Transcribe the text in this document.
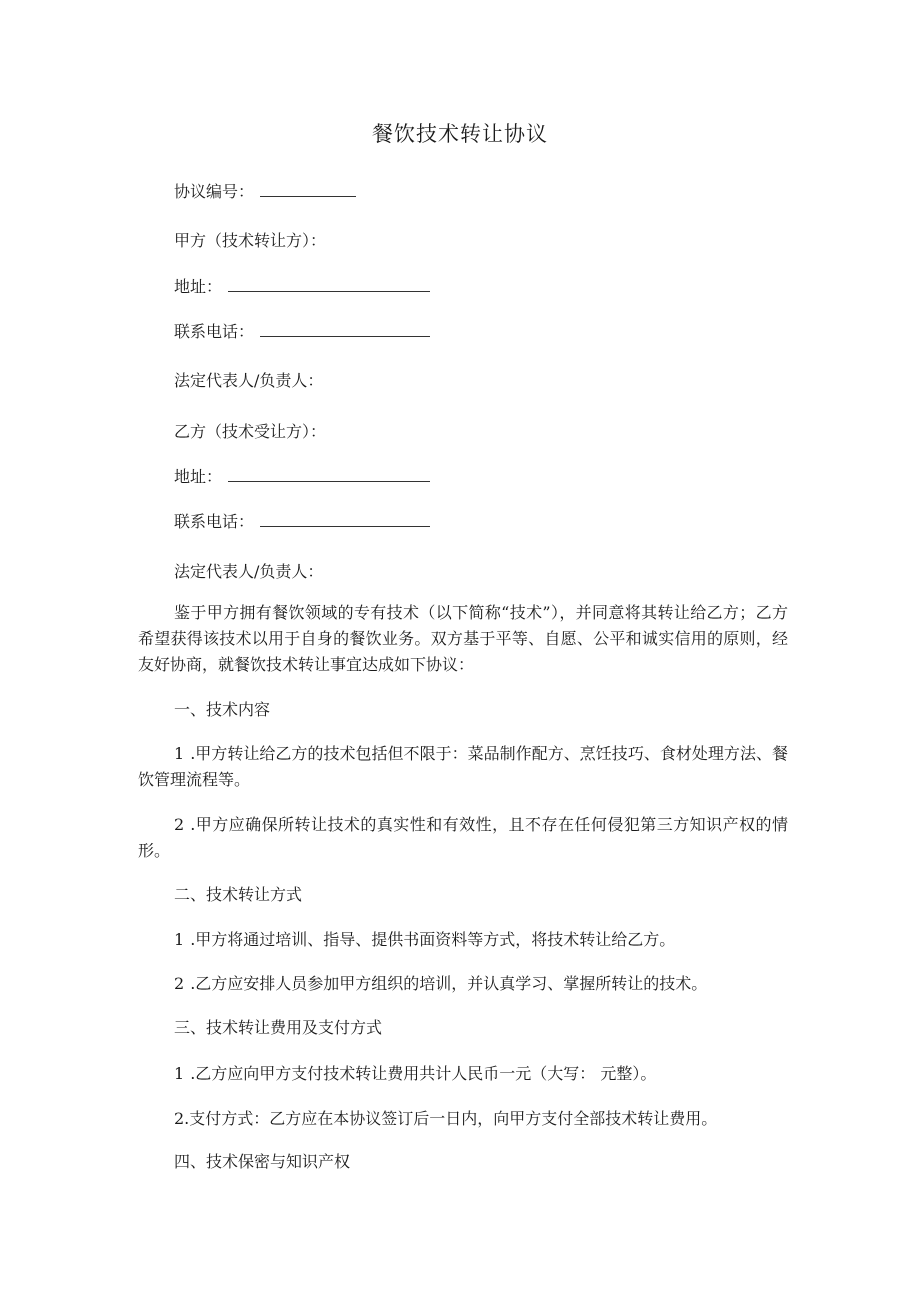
餐饮技术转让协议
协议编号：
甲方（技术转让方）：
地址：
联系电话：
法定代表人/负责人：
乙方（技术受让方）：
地址：
联系电话：
法定代表人/负责人：
鉴于甲方拥有餐饮领域的专有技术（以下简称“技术”），并同意将其转让给乙方；乙方希望获得该技术以用于自身的餐饮业务。双方基于平等、自愿、公平和诚实信用的原则，经友好协商，就餐饮技术转让事宜达成如下协议：
一、技术内容
1.甲方转让给乙方的技术包括但不限于：菜品制作配方、烹饪技巧、食材处理方法、餐饮管理流程等。
2.甲方应确保所转让技术的真实性和有效性，且不存在任何侵犯第三方知识产权的情形。
二、技术转让方式
1.甲方将通过培训、指导、提供书面资料等方式，将技术转让给乙方。
2.乙方应安排人员参加甲方组织的培训，并认真学习、掌握所转让的技术。
三、技术转让费用及支付方式
1.乙方应向甲方支付技术转让费用共计人民币一元（大写： 元整）。
2.支付方式：乙方应在本协议签订后一日内，向甲方支付全部技术转让费用。
四、技术保密与知识产权
